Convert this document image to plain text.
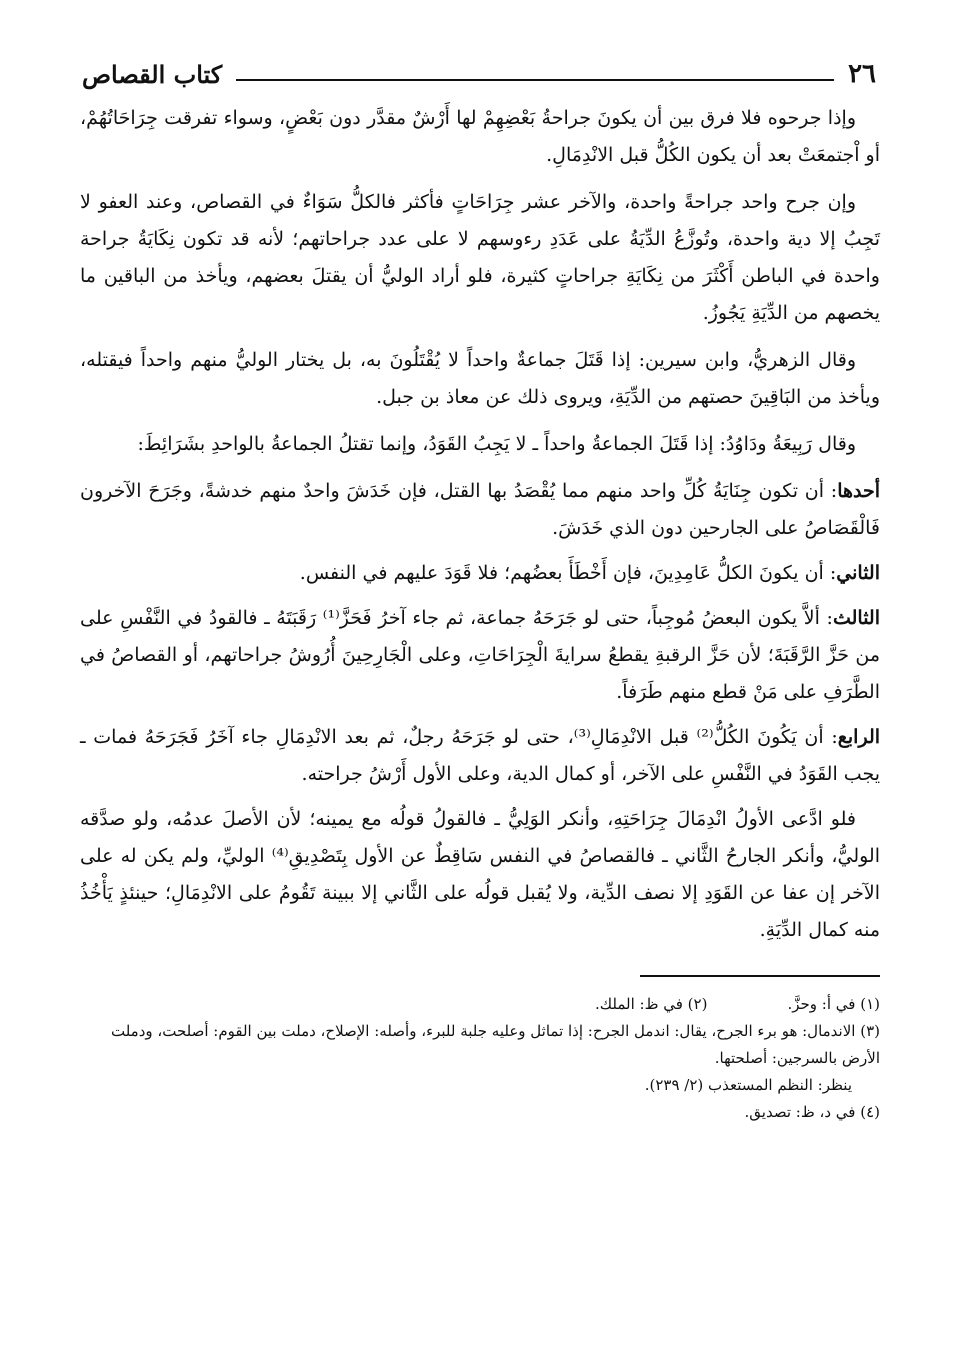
٢٦
كتاب القصاص

وإذا جرحوه فلا فرق بين أن يكونَ جراحةُ بَعْضِهِمْ لها أَرْشٌ مقدَّر دون بَعْضٍ، وسواء تفرقت جِرَاحَاتُهُمْ، أو اْجتمعَتْ بعد أن يكون الكُلُّ قبل الانْدِمَالِ.

وإن جرح واحد جراحةً واحدة، والآخر عشر جِرَاحَاتٍ فأكثر فالكلُّ سَوَاءٌ في القصاص، وعند العفو لا تَجِبُ إلا دية واحدة، وتُوزَّعُ الدِّيَةُ على عَدَدِ رءوسهم لا على عدد جراحاتهم؛ لأنه قد تكون نِكَايَةُ جراحة واحدة في الباطن أَكْثَرَ من نِكَايَةِ جراحاتٍ كثيرة، فلو أراد الوليُّ أن يقتلَ بعضهم، ويأخذ من الباقين ما يخصهم من الدِّيَةِ يَجُوزُ.

وقال الزهريُّ، وابن سيرين: إذا قَتَلَ جماعةٌ واحداً لا يُقْتَلُونَ به، بل يختار الوليُّ منهم واحداً فيقتله، ويأخذ من البَاقِينَ حصتهم من الدِّيَةِ، ويروى ذلك عن معاذ بن جبل.

وقال رَبِيعَةُ ودَاوُدُ: إذا قَتَلَ الجماعةُ واحداً ـ لا يَجِبُ القَوَدُ، وإنما تقتلُ الجماعةُ بالواحدِ بشَرَائِطَ:

أحدها: أن تكون جِنَايَةُ كُلِّ واحد منهم مما يُقْصَدُ بها القتل، فإن خَدَشَ واحدٌ منهم خدشةً، وجَرَحَ الآخرون فَالْقَصَاصُ على الجارحين دون الذي خَدَشَ.

الثاني: أن يكونَ الكلُّ عَامِدِينَ، فإن أَخْطَأَ بعضُهم؛ فلا قَوَدَ عليهم في النفس.

الثالث: ألاَّ يكون البعضُ مُوجِباً، حتى لو جَرَحَهُ جماعة، ثم جاء آخرُ فَحَزَّ⁽¹⁾ رَقَبَتَهُ ـ فالقودُ في النَّفْسِ على من حَزَّ الرَّقَبَةَ؛ لأن حَزَّ الرقبةِ يقطعُ سرايةَ الْجِرَاحَاتِ، وعلى الْجَارِحِينَ أُرُوشُ جراحاتهم، أو القصاصُ في الطَّرَفِ على مَنْ قطع منهم طَرَفاً.

الرابع: أن يَكُونَ الكُلُّ⁽²⁾ قبل الانْدِمَالِ⁽³⁾، حتى لو جَرَحَهُ رجلٌ، ثم بعد الانْدِمَالِ جاء آخَرُ فَجَرَحَهُ فمات ـ يجب القَوَدُ في النَّفْسِ على الآخر، أو كمال الدية، وعلى الأول أَرْشُ جراحته.

فلو ادَّعى الأولُ انْدِمَالَ جِرَاحَتِهِ، وأنكر الوَلِيُّ ـ فالقولُ قولُه مع يمينه؛ لأن الأصلَ عدمُه، ولو صدَّقه الوليُّ، وأنكر الجارحُ الثَّاني ـ فالقصاصُ في النفس سَاقِطٌ عن الأول بِتَصْدِيقِ⁽⁴⁾ الوليِّ، ولم يكن له على الآخر إن عفا عن القَوَدِ إلا نصف الدِّية، ولا يُقبل قولُه على الثَّاني إلا ببينة تَقُومُ على الانْدِمَالِ؛ حينئذٍ يَأْخُذُ منه كمال الدِّيَةِ.

(١) في أ: وحزَّ.

(٢) في ظ: الملك.

(٣) الاندمال: هو برء الجرح، يقال: اندمل الجرح: إذا تماثل وعليه جلبة للبرء، وأصله: الإصلاح، دملت بين القوم: أصلحت، ودملت الأرض بالسرجين: أصلحتها.

ينظر: النظم المستعذب (٢/ ٢٣٩).

(٤) في د، ظ: تصديق.
